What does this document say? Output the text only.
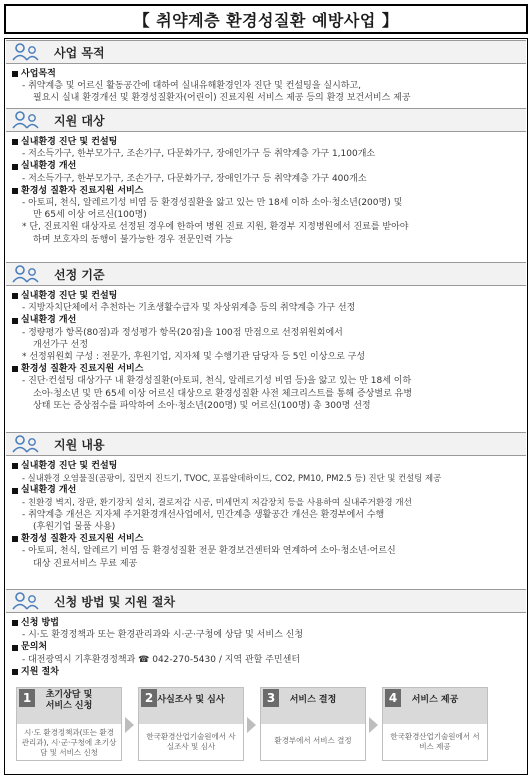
【 취약계층 환경성질환 예방사업 】
사업 목적
사업목적
- 취약계층 및 어르신 활동공간에 대하여 실내유해환경인자 진단 및 컨설팅을 실시하고,
필요시 실내 환경개선 및 환경성질환자(어린이) 진료지원 서비스 제공 등의 환경 보건서비스 제공
지원 대상
실내환경 진단 및 컨설팅
- 저소득가구, 한부모가구, 조손가구, 다문화가구, 장애인가구 등 취약계층 가구 1,100개소
실내환경 개선
- 저소득가구, 한부모가구, 조손가구, 다문화가구, 장애인가구 등 취약계층 가구 400개소
환경성 질환자 진료지원 서비스
- 아토피, 천식, 알레르기성 비염 등 환경성질환을 앓고 있는 만 18세 이하 소아·청소년(200명) 및
만 65세 이상 어르신(100명)
* 단, 진료지원 대상자로 선정된 경우에 한하여 병원 진료 지원, 환경부 지정병원에서 진료를 받아야
하며 보호자의 동행이 불가능한 경우 전문인력 가능
선정 기준
실내환경 진단 및 컨설팅
- 지방자치단체에서 추천하는 기초생활수급자 및 차상위계층 등의 취약계층 가구 선정
실내환경 개선
- 정량평가 항목(80점)과 정성평가 항목(20점)을 100점 만점으로 선정위원회에서
개선가구 선정
* 선정위원회 구성 : 전문가, 후원기업, 지자체 및 수행기관 담당자 등 5인 이상으로 구성
환경성 질환자 진료지원 서비스
- 진단·컨설팅 대상가구 내 환경성질환(아토피, 천식, 알레르기성 비염 등)을 앓고 있는 만 18세 이하
소아·청소년 및 만 65세 이상 어르신 대상으로 환경성질환 사전 체크리스트를 통해 증상별로 유병
상태 또는 증상점수를 파악하여 소아·청소년(200명) 및 어르신(100명) 총 300명 선정
지원 내용
실내환경 진단 및 컨설팅
- 실내환경 오염물질(곰팡이, 집먼지 진드기, TVOC, 포름알데하이드, CO2, PM10, PM2.5 등) 진단 및 컨설팅 제공
실내환경 개선
- 친환경 벽지, 장판, 환기장치 설치, 결로저감 시공, 미세먼지 저감장치 등을 사용하여 실내주거환경 개선
- 취약계층 개선은 지자체 주거환경개선사업에서, 민간계층 생활공간 개선은 환경부에서 수행
(후원기업 물품 사용)
환경성 질환자 진료지원 서비스
- 아토피, 천식, 알레르기 비염 등 환경성질환 전문 환경보건센터와 연계하여 소아·청소년·어르신
대상 진료서비스 무료 제공
신청 방법 및 지원 절차
신청 방법
- 시·도 환경정책과 또는 환경관리과와 시·군·구청에 상담 및 서비스 신청
문의처
- 대전광역시 기후환경정책과 ☎ 042-270-5430 / 지역 관할 주민센터
지원 절차
1	초기상담 및
서비스 신청
시·도 환경정책과(또는 환경관리과), 시·군·구청에 초기상담 및 서비스 신청
2 사실조사 및 심사
한국환경산업기술원에서 사실조사 및 심사
3	서비스 결정
환경부에서 서비스 결정
4	서비스 제공
한국환경산업기술원에서 서비스 제공
